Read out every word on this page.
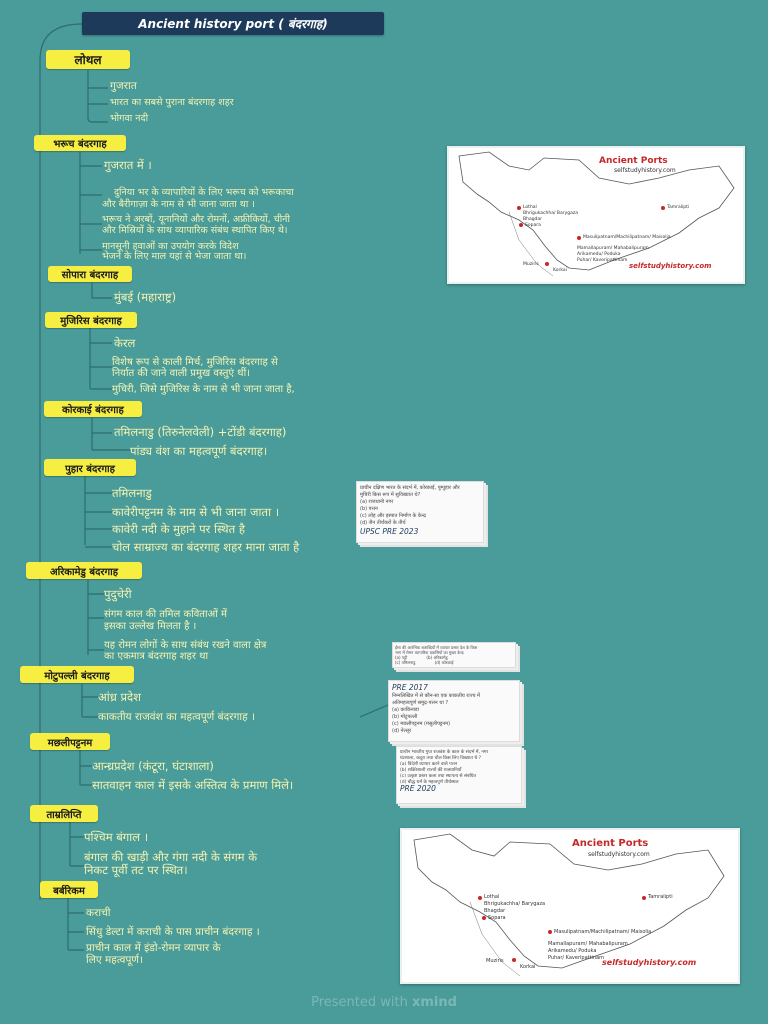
Ancient history port ( बंदरगाह)
लोथल
गुजरात
भारत का सबसे पुराना बंदरगाह शहर
भोगवा नदी
भरूच बंदरगाह
गुजरात में ।
दुनिया भर के व्यापारियों के लिए भरूच को भरूकाचा
और बैरीगाज़ा के नाम से भी जाना जाता था ।
भरूच ने अरबों, यूनानियों और रोमनों, अफ्रीकियों, चीनी
और मिस्रियों के साथ व्यापारिक संबंध स्थापित किए थे।
मानसूनी हवाओं का उपयोग करके विदेश
भेजने के लिए माल यहां से भेजा जाता था।
सोपारा बंदरगाह
मुंबई (महाराष्ट्र)
मुजिरिस बंदरगाह
केरल
विशेष रूप से काली मिर्च, मुजिरिस बंदरगाह से
निर्यात की जाने वाली प्रमुख वस्तुएं थीं।
मुचिरी, जिसे मुजिरिस के नाम से भी जाना जाता है,
कोरकाई बंदरगाह
तमिलनाडु (तिरुनेलवेली) +टोंडी बंदरगाह)
पांड्य वंश का महत्वपूर्ण बंदरगाह।
पुहार बंदरगाह
तमिलनाडु
कावेरीपट्टनम के नाम से भी जाना जाता ।
कावेरी नदी के मुहाने पर स्थित है
चोल साम्राज्य का बंदरगाह शहर माना जाता है
अरिकामेडु बंदरगाह
पुदुचेरी
संगम काल की तमिल कविताओं में
इसका उल्लेख मिलता है ।
यह रोमन लोगों के साथ संबंध रखने वाला क्षेत्र
का एकमात्र बंदरगाह शहर था
मोटुपल्ली बंदरगाह
आंध्र प्रदेश
काकतीय राजवंश का महत्वपूर्ण बंदरगाह ।
मछलीपट्टनम
आन्ध्रप्रदेश (कंटूरा, घंटाशाला)
सातवाहन काल में इसके अस्तित्व के प्रमाण मिले।
ताम्रलिप्ति
पश्चिम बंगाल ।
बंगाल की खाड़ी और गंगा नदी के संगम के
निकट पूर्वी तट पर स्थित।
बर्बरिकम
कराची
सिंधु डेल्टा में कराची के पास प्राचीन बंदरगाह ।
प्राचीन काल में इंडो-रोमन व्यापार के
लिए महत्वपूर्ण।
Ancient Ports
selfstudyhistory.com
Lothal
Bhrigukachha/ Barygaza
Bhagdar
Sopara
Tamralipti
Masulipatnam/Machilipatnam/ Maisolia
Mamallapuram/ Mahabalipuram
Arikamedu/ Poduka
Puhar/ Kaveripattinam
Muziris
Korkai
selfstudyhistory.com
Ancient Ports
selfstudyhistory.com
Lothal
Bhrigukachha/ Barygaza
Bhagdar
Sopara
Tamralipti
Masulipatnam/Machilipatnam/ Maisolia
Mamallapuram/ Mahabalipuram
Arikamedu/ Poduka
Puhar/ Kaveripattinam
Muziris
Korkai	selfstudyhistory.com
प्राचीन दक्षिण भारत के संदर्भ में, कोरकाई, पूम्पुहार और
मुचिरी किस रूप में सुविख्यात थे?
(a) राजधानी नगर
(b) पत्तन
(c) लोह और इस्पात निर्माण के केन्द्र
(d) जैन तीर्थंकरों के तीर्थ
UPSC PRE 2023
ईसा की आरंभिक शताब्दियों में व्यापार प्रसार देश के किस
भाग में रोमन व्यापारिक प्रवासियों का मुख्य केन्द्र
(a) पट्टी	(b) अरिकामेडु
(c) तमिलनाडु	(d) कोरकाई
PRE 2017
निम्नलिखित में से कौन-सा एक काकतीय राज्य में
अतिमहत्वपूर्ण समुद्र-पत्तन था ?
(a) काकिनाडा
(b) मोटुपल्ली
(c) मछलीपट्टनम (मसुलीपट्टनम)
(d) नेल्लूर
प्राचीन भारतीय गुप्त राजवंश के काल के संदर्भ में, नगर
घंटशाला, कदूरा तथा चौल किस लिए विख्यात थे ?
(a) विदेशी व्यापार करने वाले पत्तन
(b) शक्तिशाली राज्यों की राजधानियाँ
(c) उत्कृष्ट प्रस्तर कला तथा स्थापत्य से संबंधित
(d) बौद्ध धर्म के महत्वपूर्ण तीर्थस्थल
PRE 2020
Presented with xmind
